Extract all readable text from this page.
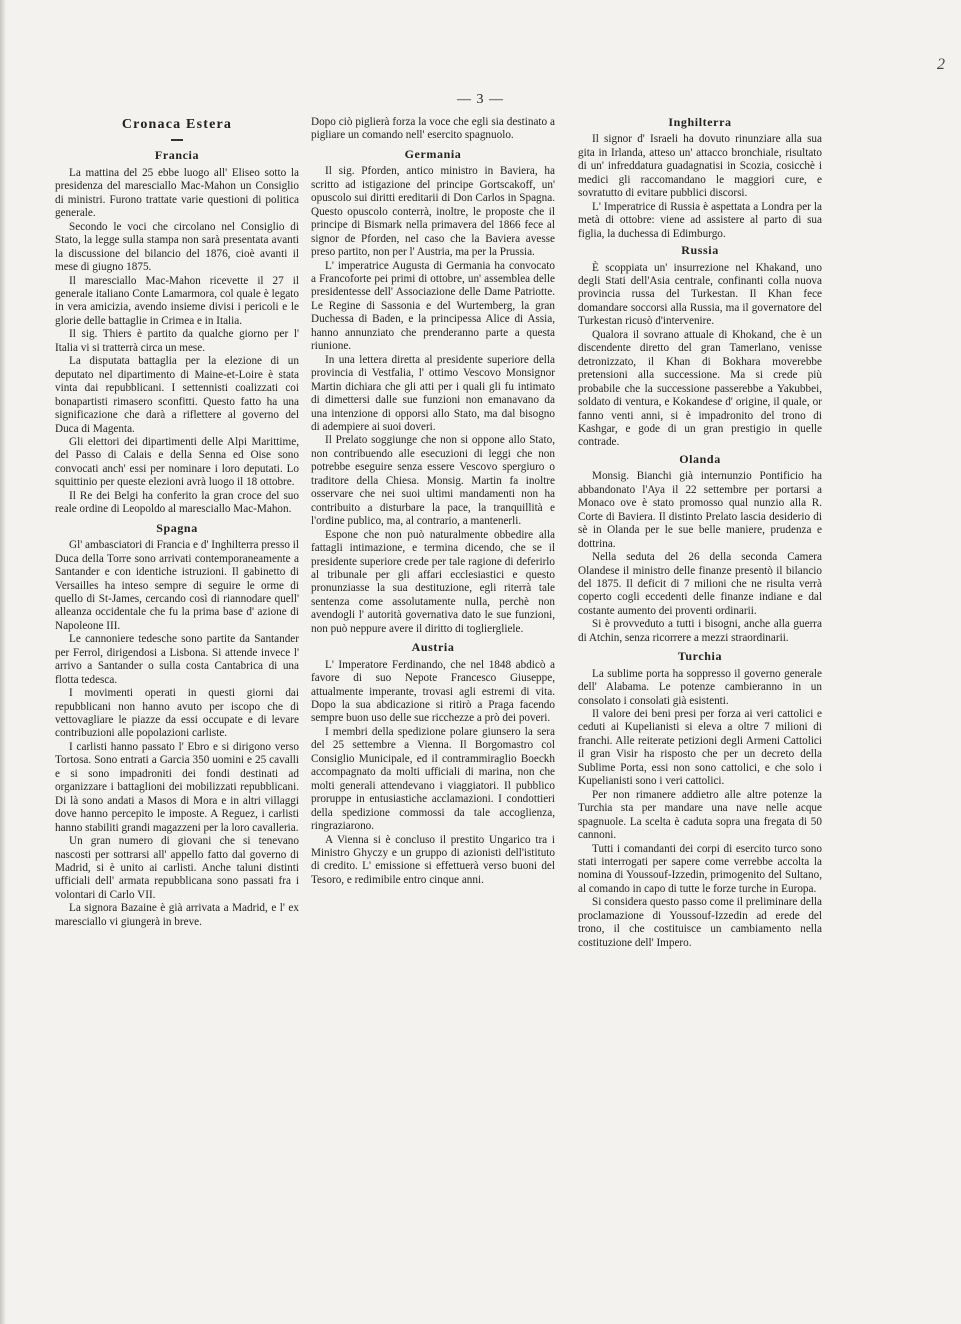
— 3 —
2
Cronaca Estera
Francia

La mattina del 25 ebbe luogo all' Eliseo sotto la presidenza del maresciallo Mac-Mahon un Consiglio di ministri. Furono trattate varie questioni di politica generale.

Secondo le voci che circolano nel Consiglio di Stato, la legge sulla stampa non sarà presentata avanti la discussione del bilancio del 1876, cioè avanti il mese di giugno 1875.

Il maresciallo Mac-Mahon ricevette il 27 il generale italiano Conte Lamarmora, col quale è legato in vera amicizia, avendo insieme divisi i pericoli e le glorie delle battaglie in Crimea e in Italia.

Il sig. Thiers è partito da qualche giorno per l' Italia vi si tratterrà circa un mese.

La disputata battaglia per la elezione di un deputato nel dipartimento di Maine-et-Loire è stata vinta dai repubblicani. I settennisti coalizzati coi bonapartisti rimasero sconfitti. Questo fatto ha una significazione che darà a riflettere al governo del Duca di Magenta.

Gli elettori dei dipartimenti delle Alpi Marittime, del Passo di Calais e della Senna ed Oise sono convocati anch' essi per nominare i loro deputati. Lo squittinio per queste elezioni avrà luogo il 18 ottobre.

Il Re dei Belgi ha conferito la gran croce del suo reale ordine di Leopoldo al maresciallo Mac-Mahon.

Spagna

Gl' ambasciatori di Francia e d' Inghilterra presso il Duca della Torre sono arrivati contemporaneamente a Santander e con identiche istruzioni. Il gabinetto di Versailles ha inteso sempre di seguire le orme di quello di St-James, cercando così di riannodare quell' alleanza occidentale che fu la prima base d' azione di Napoleone III.

Le cannoniere tedesche sono partite da Santander per Ferrol, dirigendosi a Lisbona. Si attende invece l' arrivo a Santander o sulla costa Cantabrica di una flotta tedesca.

I movimenti operati in questi giorni dai repubblicani non hanno avuto per iscopo che di vettovagliare le piazze da essi occupate e di levare contribuzioni alle popolazioni carliste.

I carlisti hanno passato l' Ebro e si dirigono verso Tortosa. Sono entrati a Garcia 350 uomini e 25 cavalli e si sono impadroniti dei fondi destinati ad organizzare i battaglioni dei mobilizzati repubblicani. Di là sono andati a Masos di Mora e in altri villaggi dove hanno percepito le imposte. A Reguez, i carlisti hanno stabiliti grandi magazzeni per la loro cavalleria.

Un gran numero di giovani che si tenevano nascosti per sottrarsi all' appello fatto dal governo di Madrid, si è unito ai carlisti. Anche taluni distinti ufficiali dell' armata repubblicana sono passati fra i volontari di Carlo VII.

La signora Bazaine è già arrivata a Madrid, e l' ex maresciallo vi giungerà in breve.

Dopo ciò piglierà forza la voce che egli sia destinato a pigliare un comando nell' esercito spagnuolo.

Germania

Il sig. Pforden, antico ministro in Baviera, ha scritto ad istigazione del principe Gortscakoff, un' opuscolo sui diritti ereditarii di Don Carlos in Spagna. Questo opuscolo conterrà, inoltre, le proposte che il principe di Bismark nella primavera del 1866 fece al signor de Pforden, nel caso che la Baviera avesse preso partito, non per l' Austria, ma per la Prussia.

L' imperatrice Augusta di Germania ha convocato a Francoforte pei primi di ottobre, un' assemblea delle presidentesse dell' Associazione delle Dame Patriotte. Le Regine di Sassonia e del Wurtemberg, la gran Duchessa di Baden, e la principessa Alice di Assia, hanno annunziato che prenderanno parte a questa riunione.

In una lettera diretta al presidente superiore della provincia di Vestfalia, l' ottimo Vescovo Monsignor Martin dichiara che gli atti per i quali gli fu intimato di dimettersi dalle sue funzioni non emanavano da una intenzione di opporsi allo Stato, ma dal bisogno di adempiere ai suoi doveri.

Il Prelato soggiunge che non si oppone allo Stato, non contribuendo alle esecuzioni di leggi che non potrebbe eseguire senza essere Vescovo spergiuro o traditore della Chiesa. Monsig. Martin fa inoltre osservare che nei suoi ultimi mandamenti non ha contribuito a disturbare la pace, la tranquillità e l'ordine publico, ma, al contrario, a mantenerli.

Espone che non può naturalmente obbedire alla fattagli intimazione, e termina dicendo, che se il presidente superiore crede per tale ragione di deferirlo al tribunale per gli affari ecclesiastici e questo pronunziasse la sua destituzione, egli riterrà tale sentenza come assolutamente nulla, perchè non avendogli l' autorità governativa dato le sue funzioni, non può neppure avere il diritto di togliergliele.

Austria

L' Imperatore Ferdinando, che nel 1848 abdicò a favore di suo Nepote Francesco Giuseppe, attualmente imperante, trovasi agli estremi di vita. Dopo la sua abdicazione si ritirò a Praga facendo sempre buon uso delle sue ricchezze a prò dei poveri.

I membri della spedizione polare giunsero la sera del 25 settembre a Vienna. Il Borgomastro col Consiglio Municipale, ed il contrammiraglio Boeckh accompagnato da molti ufficiali di marina, non che molti generali attendevano i viaggiatori. Il pubblico proruppe in entusiastiche acclamazioni. I condottieri della spedizione commossi da tale accoglienza, ringraziarono.

A Vienna si è concluso il prestito Ungarico tra i Ministro Ghyczy e un gruppo di azionisti dell'istituto di credito. L' emissione si effettuerà verso buoni del Tesoro, e redimibile entro cinque anni.

Inghilterra

Il signor d' Israeli ha dovuto rinunziare alla sua gita in Irlanda, atteso un' attacco bronchiale, risultato di un' infreddatura guadagnatisi in Scozia, cosicchè i medici gli raccomandano le maggiori cure, e sovratutto di evitare pubblici discorsi.

L' Imperatrice di Russia è aspettata a Londra per la metà di ottobre: viene ad assistere al parto di sua figlia, la duchessa di Edimburgo.

Russia

È scoppiata un' insurrezione nel Khakand, uno degli Stati dell'Asia centrale, confinanti colla nuova provincia russa del Turkestan. Il Khan fece domandare soccorsi alla Russia, ma il governatore del Turkestan ricusò d'intervenire.

Qualora il sovrano attuale di Khokand, che è un discendente diretto del gran Tamerlano, venisse detronizzato, il Khan di Bokhara moverebbe pretensioni alla successione. Ma si crede più probabile che la successione passerebbe a Yakubbei, soldato di ventura, e Kokandese d' origine, il quale, or fanno venti anni, si è impadronito del trono di Kashgar, e gode di un gran prestigio in quelle contrade.

Olanda

Monsig. Bianchi già internunzio Pontificio ha abbandonato l'Aya il 22 settembre per portarsi a Monaco ove è stato promosso qual nunzio alla R. Corte di Baviera. Il distinto Prelato lascia desiderio di sè in Olanda per le sue belle maniere, prudenza e dottrina.

Nella seduta del 26 della seconda Camera Olandese il ministro delle finanze presentò il bilancio del 1875. Il deficit di 7 milioni che ne risulta verrà coperto cogli eccedenti delle finanze indiane e dal costante aumento dei proventi ordinarii.

Si è provveduto a tutti i bisogni, anche alla guerra di Atchin, senza ricorrere a mezzi straordinarii.

Turchia

La sublime porta ha soppresso il governo generale dell' Alabama. Le potenze cambieranno in un consolato i consolati già esistenti.

Il valore dei beni presi per forza ai veri cattolici e ceduti ai Kupelianisti si eleva a oltre 7 milioni di franchi. Alle reiterate petizioni degli Armeni Cattolici il gran Visir ha risposto che per un decreto della Sublime Porta, essi non sono cattolici, e che solo i Kupelianisti sono i veri cattolici.

Per non rimanere addietro alle altre potenze la Turchia sta per mandare una nave nelle acque spagnuole. La scelta è caduta sopra una fregata di 50 cannoni.

Tutti i comandanti dei corpi di esercito turco sono stati interrogati per sapere come verrebbe accolta la nomina di Youssouf-Izzedin, primogenito del Sultano, al comando in capo di tutte le forze turche in Europa.

Si considera questo passo come il preliminare della proclamazione di Youssouf-Izzedin ad erede del trono, il che costituisce un cambiamento nella costituzione dell' Impero.
